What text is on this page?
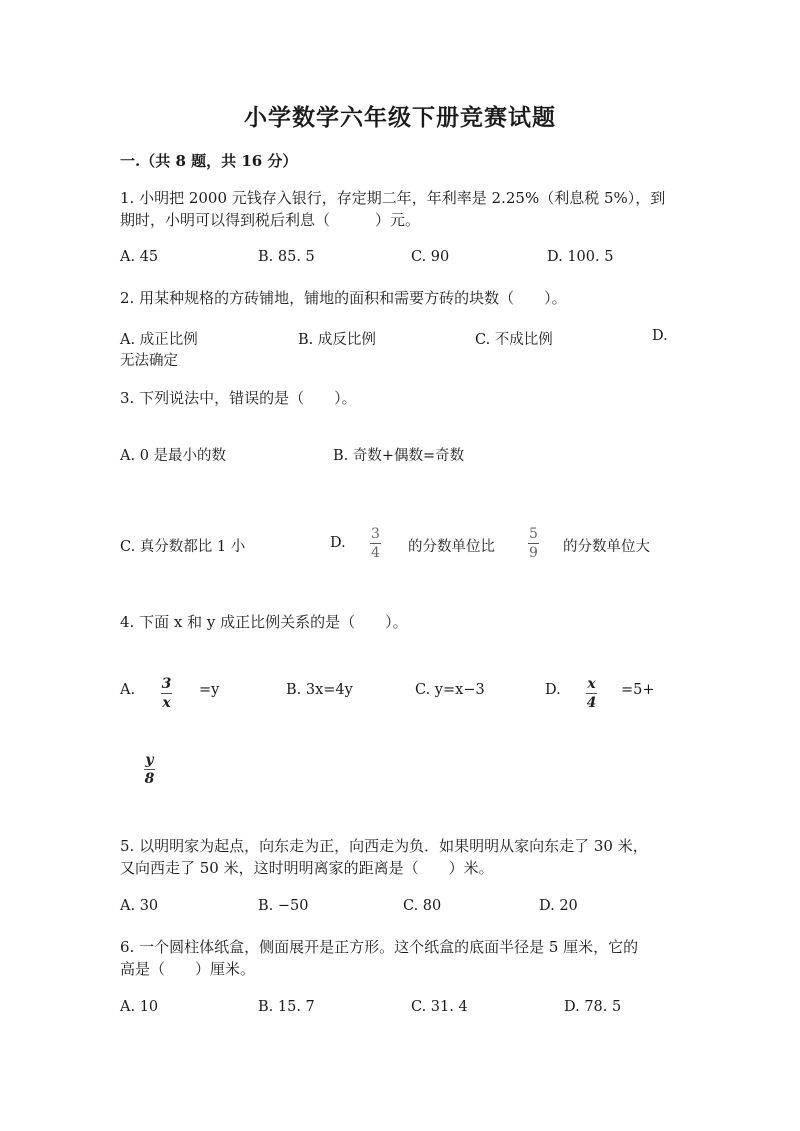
小学数学六年级下册竞赛试题
一.（共 8 题，共 16 分）
1. 小明把 2000 元钱存入银行，存定期二年，年利率是 2.25%（利息税 5%），到
期时，小明可以得到税后利息（　　　）元。
A. 45	B. 85. 5	C. 90	D. 100. 5
2. 用某种规格的方砖铺地，铺地的面积和需要方砖的块数（　　）。
A. 成正比例	B. 成反比例	C. 不成比例	D.
无法确定
3. 下列说法中，错误的是（　　）。
A. 0 是最小的数	B. 奇数+偶数=奇数
C. 真分数都比 1 小	D.
3
4 的分数单位比
5
9 的分数单位大
4. 下面 x 和 y 成正比例关系的是（　　）。
A. 3
x
=y	B. 3x=4y	C. y=x−3	D. x
4
=5+
y
8
5. 以明明家为起点，向东走为正，向西走为负．如果明明从家向东走了 30 米，
又向西走了 50 米，这时明明离家的距离是（　　）米。
A. 30	B. −50	C. 80	D. 20
6. 一个圆柱体纸盒，侧面展开是正方形。这个纸盒的底面半径是 5 厘米，它的
高是（　　）厘米。
A. 10	B. 15. 7	C. 31. 4	D. 78. 5
